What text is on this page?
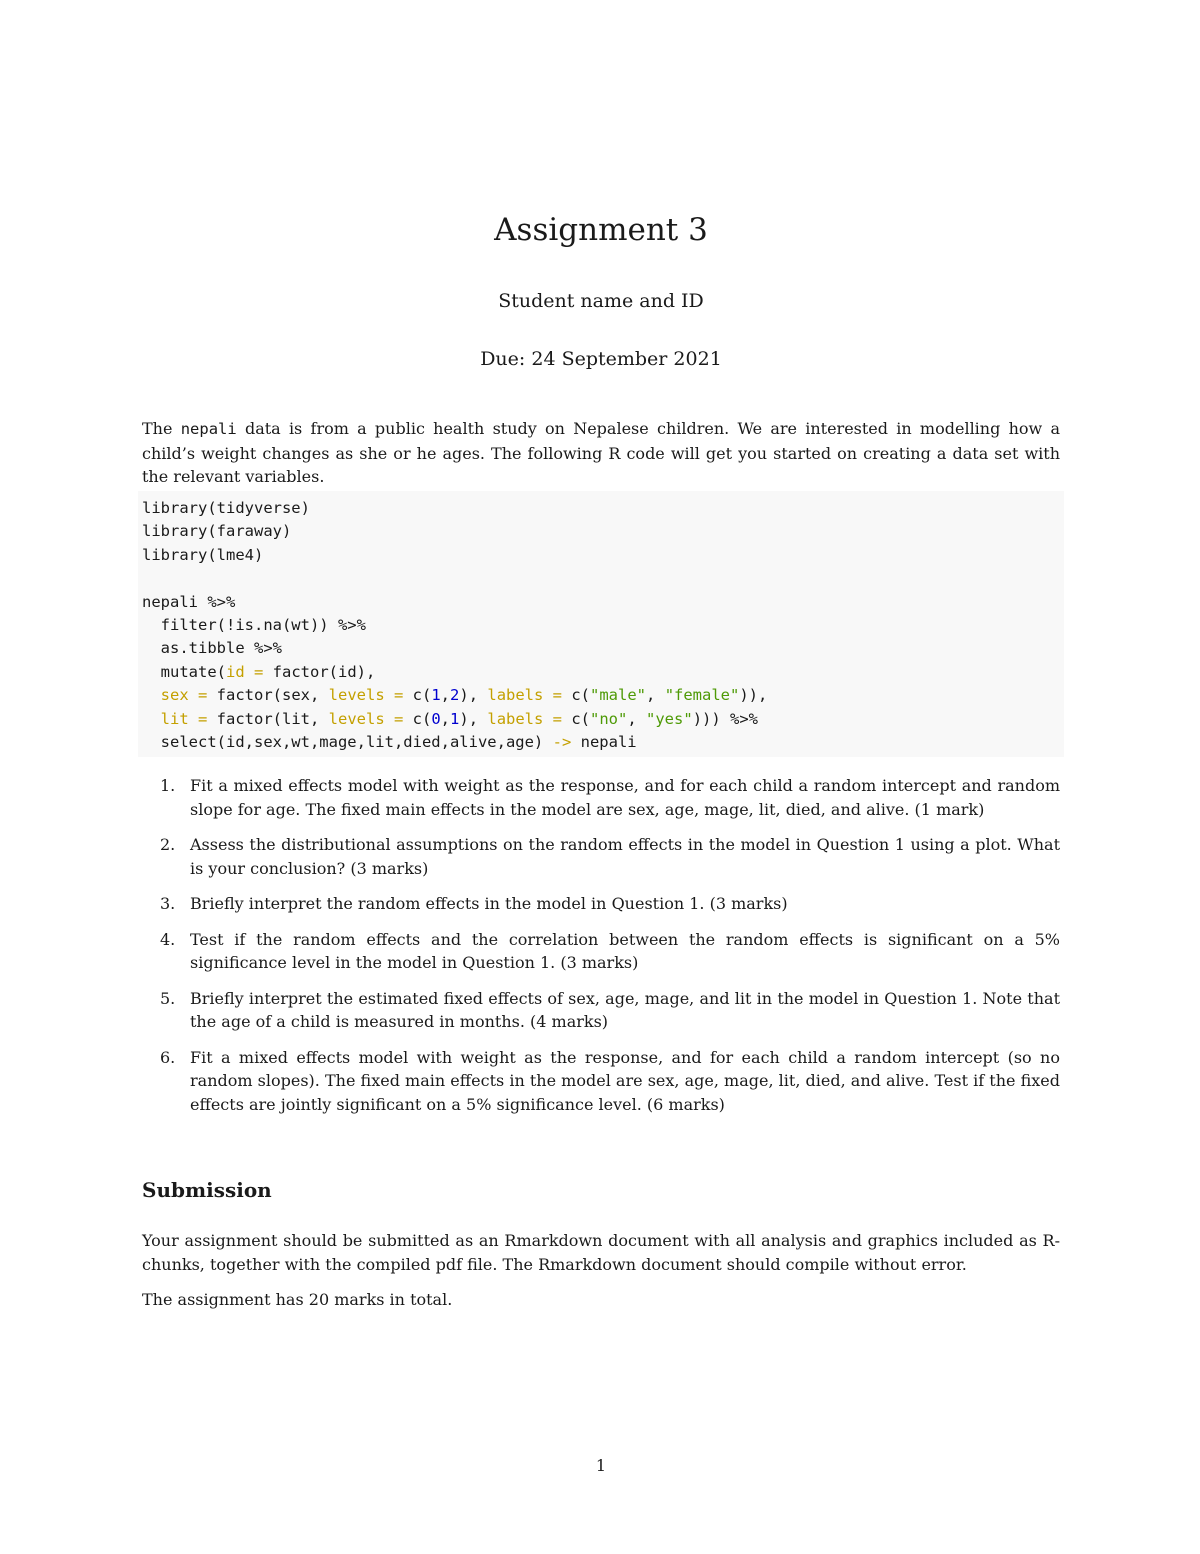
Assignment 3
Student name and ID
Due: 24 September 2021

The nepali data is from a public health study on Nepalese children. We are interested in modelling how a child’s weight changes as she or he ages. The following R code will get you started on creating a data set with the relevant variables.

library(tidyverse)
library(faraway)
library(lme4)

nepali %>%
filter(!is.na(wt)) %>%
as.tibble %>%
mutate(id = factor(id),
sex = factor(sex, levels = c(1,2), labels = c("male", "female")),
lit = factor(lit, levels = c(0,1), labels = c("no", "yes"))) %>%
select(id,sex,wt,mage,lit,died,alive,age) -> nepali
1. Fit a mixed effects model with weight as the response, and for each child a random intercept and random slope for age. The fixed main effects in the model are sex, age, mage, lit, died, and alive. (1 mark)
2. Assess the distributional assumptions on the random effects in the model in Question 1 using a plot. What is your conclusion? (3 marks)
3. Briefly interpret the random effects in the model in Question 1. (3 marks)
4. Test if the random effects and the correlation between the random effects is significant on a 5% significance level in the model in Question 1. (3 marks)
5. Briefly interpret the estimated fixed effects of sex, age, mage, and lit in the model in Question 1. Note that the age of a child is measured in months. (4 marks)
6. Fit a mixed effects model with weight as the response, and for each child a random intercept (so no random slopes). The fixed main effects in the model are sex, age, mage, lit, died, and alive. Test if the fixed effects are jointly significant on a 5% significance level. (6 marks)
Submission

Your assignment should be submitted as an Rmarkdown document with all analysis and graphics included as R-chunks, together with the compiled pdf file. The Rmarkdown document should compile without error.

The assignment has 20 marks in total.

1
